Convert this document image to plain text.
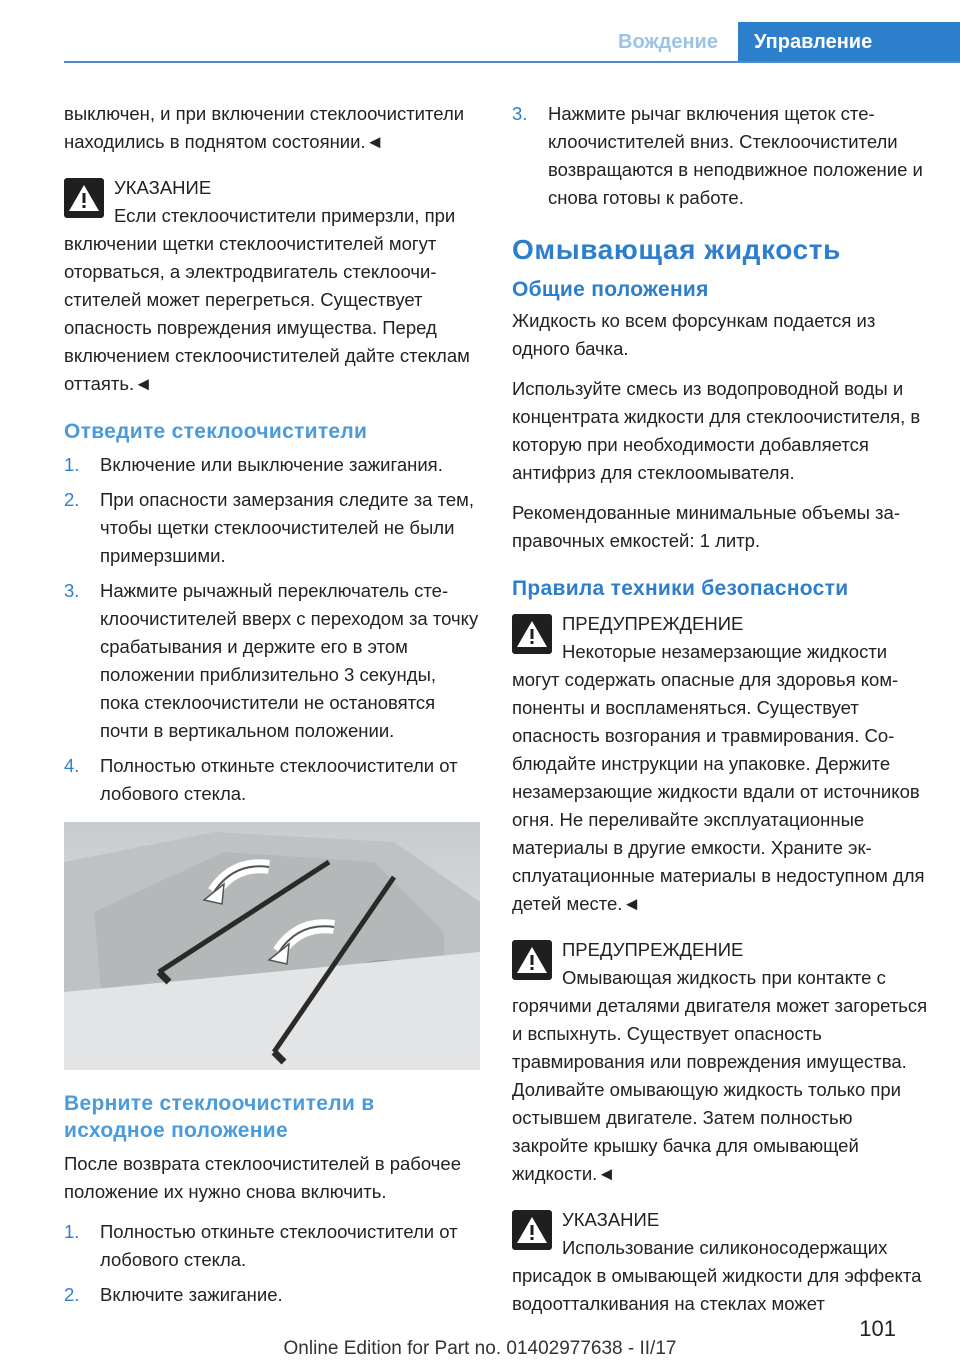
Вождение	Управление

выключен, и при включении стеклоочистители находились в поднятом состоянии.◄

УКАЗАНИЕ
Если стеклоочистители примерзли, при включении щетки стеклоочистителей могут оторваться, а электродвигатель стеклоочистителей может перегреться. Существует опасность повреждения имущества. Перед включением стеклоочистителей дайте стеклам оттаять.◄
Отведите стеклоочистители
1. Включение или выключение зажигания.
2. При опасности замерзания следите за тем, чтобы щетки стеклоочистителей не были примерзшими.
3. Нажмите рычажный переключатель стеклоочистителей вверх с переходом за точку срабатывания и держите его в этом положении приблизительно 3 секунды, пока стеклоочистители не остановятся почти в вертикальном положении.
4. Полностью откиньте стеклоочистители от лобового стекла.
Верните стеклоочистители в исходное положение

После возврата стеклоочистителей в рабочее положение их нужно снова включить.

1. Полностью откиньте стеклоочистители от лобового стекла.
2. Включите зажигание.
3. Нажмите рычаг включения щеток стеклоочистителей вниз. Стеклоочистители возвращаются в неподвижное положение и снова готовы к работе.
Омывающая жидкость
Общие положения

Жидкость ко всем форсункам подается из одного бачка.

Используйте смесь из водопроводной воды и концентрата жидкости для стеклоочистителя, в которую при необходимости добавляется антифриз для стеклоомывателя.

Рекомендованные минимальные объемы заправочных емкостей: 1 литр.

Правила техники безопасности
ПРЕДУПРЕЖДЕНИЕ
Некоторые незамерзающие жидкости могут содержать опасные для здоровья компоненты и воспламеняться. Существует опасность возгорания и травмирования. Соблюдайте инструкции на упаковке. Держите незамерзающие жидкости вдали от источников огня. Не переливайте эксплуатационные материалы в другие емкости. Храните эксплуатационные материалы в недоступном для детей месте.◄
ПРЕДУПРЕЖДЕНИЕ
Омывающая жидкость при контакте с горячими деталями двигателя может загореться и вспыхнуть. Существует опасность травмирования или повреждения имущества. Доливайте омывающую жидкость только при остывшем двигателе. Затем полностью закройте крышку бачка для омывающей жидкости.◄
УКАЗАНИЕ
Использование силиконосодержащих присадок в омывающей жидкости для эффекта водоотталкивания на стеклах может
101
Online Edition for Part no. 01402977638 - II/17
